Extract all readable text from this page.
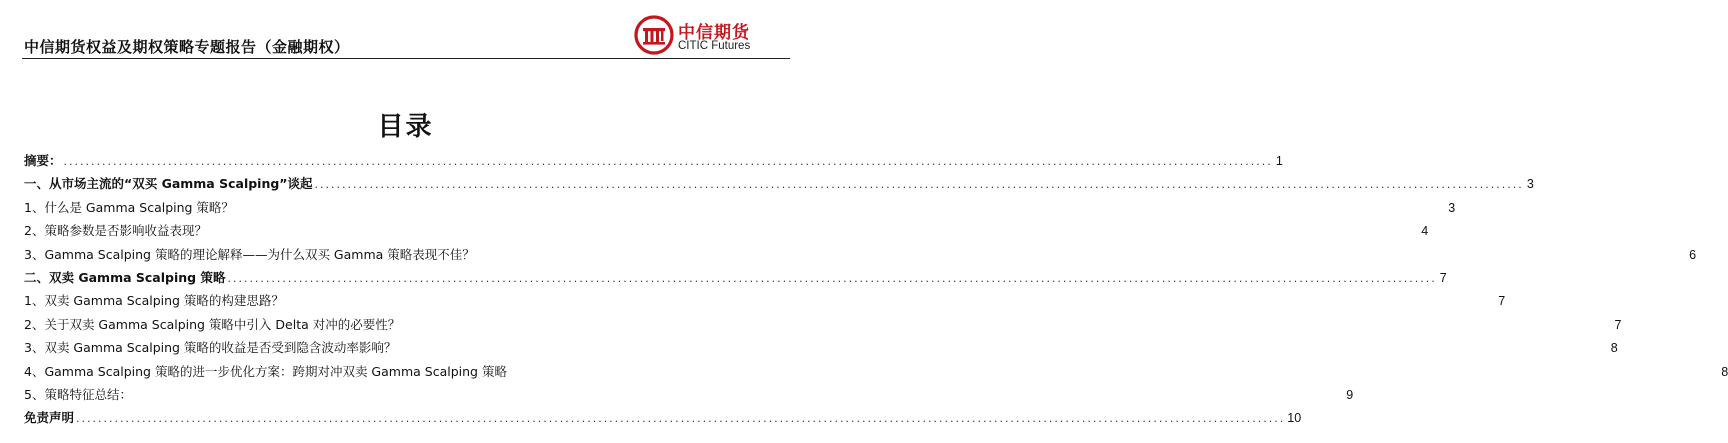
中信期货权益及期权策略专题报告（金融期权）
中信期货
CITIC Futures
目录
摘要： ............................................................................................................................................................................................................................ 1
一、从市场主流的“双买 Gamma Scalping”谈起 ............................................................................................................................................................................................................................ 3
1、什么是 Gamma Scalping 策略？	3
2、策略参数是否影响收益表现？	4
3、Gamma Scalping 策略的理论解释——为什么双买 Gamma 策略表现不佳？	6
二、双卖 Gamma Scalping 策略 ............................................................................................................................................................................................................................ 7
1、双卖 Gamma Scalping 策略的构建思路？	7
2、关于双卖 Gamma Scalping 策略中引入 Delta 对冲的必要性？	7
3、双卖 Gamma Scalping 策略的收益是否受到隐含波动率影响？	8
4、Gamma Scalping 策略的进一步优化方案：跨期对冲双卖 Gamma Scalping 策略	8
5、策略特征总结：	9
免责声明 ............................................................................................................................................................................................................................ 10
